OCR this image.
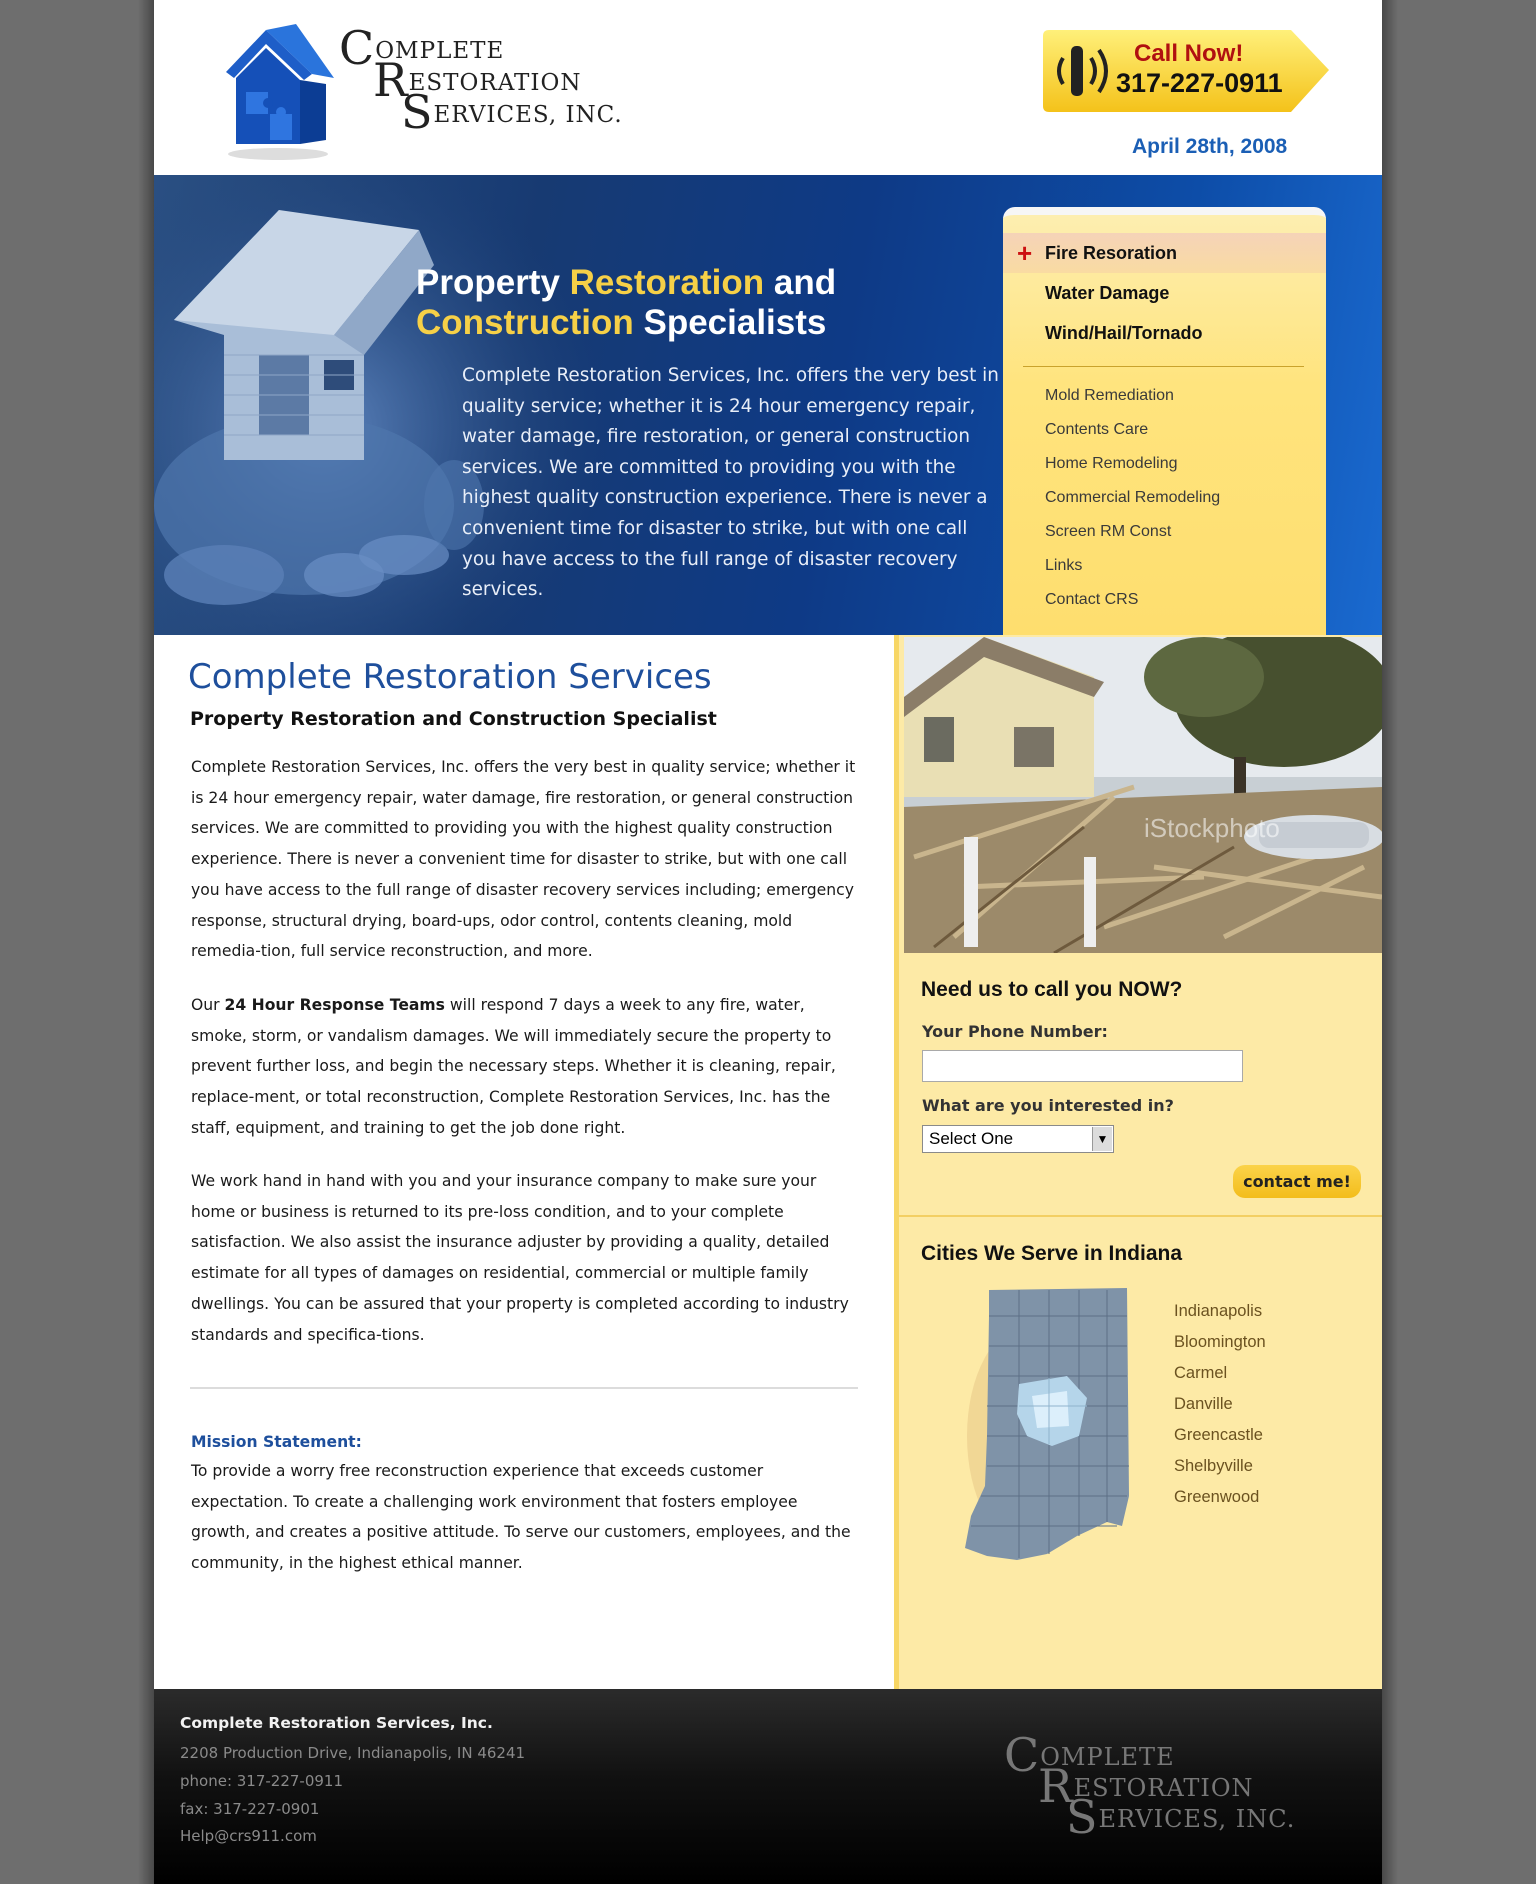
COMPLETE
RESTORATION
SERVICES, INC.
Call Now!
317-227-0911
April 28th, 2008
Property Restoration and
Construction Specialists
Complete Restoration Services, Inc. offers the very best in quality service; whether it is 24 hour emergency repair, water damage, fire restoration, or general construction services. We are committed to providing you with the highest quality construction experience. There is never a convenient time for disaster to strike, but with one call you have access to the full range of disaster recovery services.
+ Fire Resoration
Water Damage
Wind/Hail/Tornado
Mold Remediation
Contents Care
Home Remodeling
Commercial Remodeling
Screen RM Const
Links
Contact CRS
Complete Restoration Services
Property Restoration and Construction Specialist
Complete Restoration Services, Inc. offers the very best in quality service; whether it is 24 hour emergency repair, water damage, fire restoration, or general construction services. We are committed to providing you with the highest quality construction experience. There is never a convenient time for disaster to strike, but with one call you have access to the full range of disaster recovery services including; emergency response, structural drying, board-ups, odor control, contents cleaning, mold remedia-tion, full service reconstruction, and more.
Our 24 Hour Response Teams will respond 7 days a week to any fire, water, smoke, storm, or vandalism damages. We will immediately secure the property to prevent further loss, and begin the necessary steps. Whether it is cleaning, repair, replace-ment, or total reconstruction, Complete Restoration Services, Inc. has the staff, equipment, and training to get the job done right.
We work hand in hand with you and your insurance company to make sure your home or business is returned to its pre-loss condition, and to your complete satisfaction. We also assist the insurance adjuster by providing a quality, detailed estimate for all types of damages on residential, commercial or multiple family dwellings. You can be assured that your property is completed according to industry standards and specifica-tions.
Mission Statement:
To provide a worry free reconstruction experience that exceeds customer expectation. To create a challenging work environment that fosters employee growth, and creates a positive attitude. To serve our customers, employees, and the community, in the highest ethical manner.
iStockphoto
Need us to call you NOW?
Your Phone Number:
What are you interested in?
Select One	▼
contact me!
Cities We Serve in Indiana
Indianapolis
Bloomington
Carmel
Danville
Greencastle
Shelbyville
Greenwood
Complete Restoration Services, Inc.
2208 Production Drive, Indianapolis, IN 46241
phone: 317-227-0911
fax: 317-227-0901
Help@crs911.com
COMPLETE
RESTORATION
SERVICES, INC.
